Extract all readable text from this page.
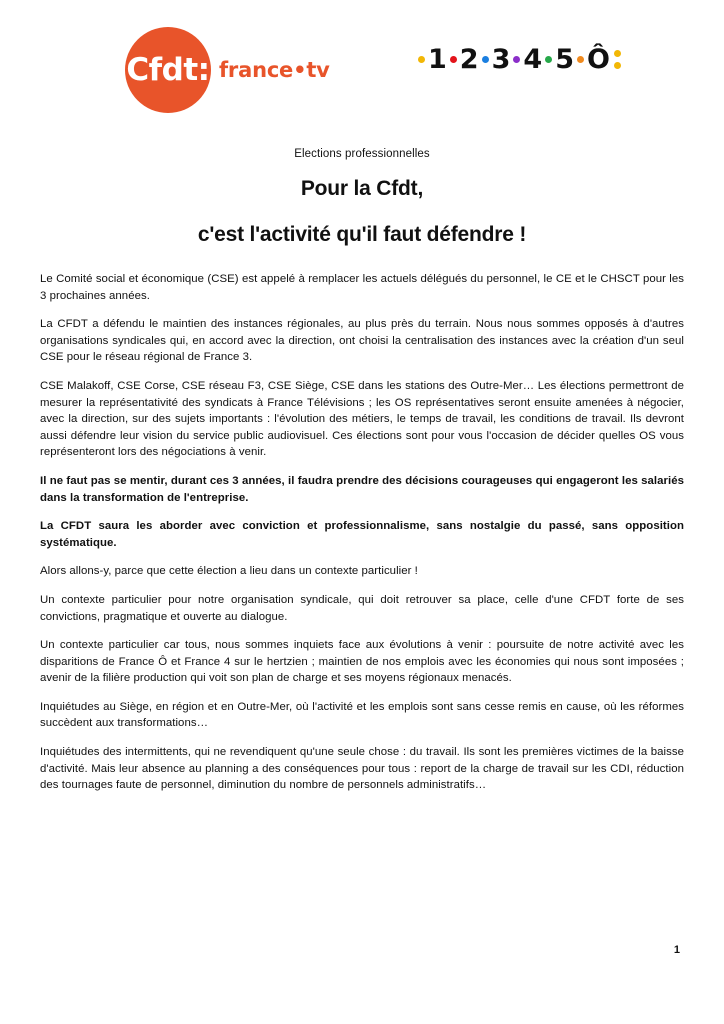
Cfdt: france•tv	1 2 3 4 5 Ô
Elections professionnelles
Pour la Cfdt,
c'est l'activité qu'il faut défendre !

Le Comité social et économique (CSE) est appelé à remplacer les actuels délégués du personnel, le CE et le CHSCT pour les 3 prochaines années.

La CFDT a défendu le maintien des instances régionales, au plus près du terrain. Nous nous sommes opposés à d'autres organisations syndicales qui, en accord avec la direction, ont choisi la centralisation des instances avec la création d'un seul CSE pour le réseau régional de France 3.

CSE Malakoff, CSE Corse, CSE réseau F3, CSE Siège, CSE dans les stations des Outre-Mer… Les élections permettront de mesurer la représentativité des syndicats à France Télévisions ; les OS représentatives seront ensuite amenées à négocier, avec la direction, sur des sujets importants : l'évolution des métiers, le temps de travail, les conditions de travail. Ils devront aussi défendre leur vision du service public audiovisuel. Ces élections sont pour vous l'occasion de décider quelles OS vous représenteront lors des négociations à venir.

Il ne faut pas se mentir, durant ces 3 années, il faudra prendre des décisions courageuses qui engageront les salariés dans la transformation de l'entreprise.

La CFDT saura les aborder avec conviction et professionnalisme, sans nostalgie du passé, sans opposition systématique.

Alors allons-y, parce que cette élection a lieu dans un contexte particulier !

Un contexte particulier pour notre organisation syndicale, qui doit retrouver sa place, celle d'une CFDT forte de ses convictions, pragmatique et ouverte au dialogue.

Un contexte particulier car tous, nous sommes inquiets face aux évolutions à venir : poursuite de notre activité avec les disparitions de France Ô et France 4 sur le hertzien ; maintien de nos emplois avec les économies qui nous sont imposées ; avenir de la filière production qui voit son plan de charge et ses moyens régionaux menacés.

Inquiétudes au Siège, en région et en Outre-Mer, où l'activité et les emplois sont sans cesse remis en cause, où les réformes succèdent aux transformations…

Inquiétudes des intermittents, qui ne revendiquent qu'une seule chose : du travail. Ils sont les premières victimes de la baisse d'activité. Mais leur absence au planning a des conséquences pour tous : report de la charge de travail sur les CDI, réduction des tournages faute de personnel, diminution du nombre de personnels administratifs…

1
